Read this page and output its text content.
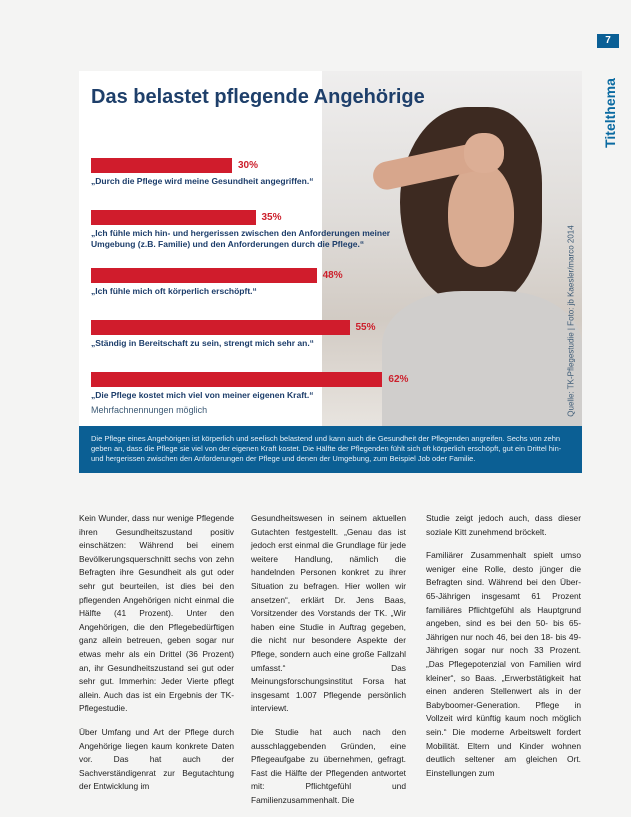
7
Titelthema
Quelle: TK-Pflegestudie | Foto: jb Kaesler/marco 2014
Das belastet pflegende Angehörige
30%
„Durch die Pflege wird meine Gesundheit angegriffen.“
35%
„Ich fühle mich hin- und hergerissen zwischen den Anforderungen meiner Umgebung (z.B. Familie) und den Anforderungen durch die Pflege.“
48%
„Ich fühle mich oft körperlich erschöpft.“
55%
„Ständig in Bereitschaft zu sein, strengt mich sehr an.“
62%
„Die Pflege kostet mich viel von meiner eigenen Kraft.“
Mehrfachnennungen möglich
Die Pflege eines Angehörigen ist körperlich und seelisch belastend und kann auch die Gesundheit der Pflegenden angreifen. Sechs von zehn geben an, dass die Pflege sie viel von der eigenen Kraft kostet. Die Hälfte der Pflegenden fühlt sich oft körperlich erschöpft, gut ein Drittel hin- und hergerissen zwischen den Anforderungen der Pflege und denen der Umgebung, zum Beispiel Job oder Familie.

Kein Wunder, dass nur wenige Pflegende ihren Gesundheitszustand positiv einschätzen: Während bei einem Bevölkerungsquerschnitt sechs von zehn Befragten ihre Gesundheit als gut oder sehr gut beurteilen, ist dies bei den pflegenden Angehörigen nicht einmal die Hälfte (41 Prozent). Unter den Angehörigen, die den Pflegebedürftigen ganz allein betreuen, geben sogar nur etwas mehr als ein Drittel (36 Prozent) an, ihr Gesundheitszustand sei gut oder sehr gut. Immerhin: Jeder Vierte pflegt allein. Auch das ist ein Ergebnis der TK-Pflegestudie.

Über Umfang und Art der Pflege durch Angehörige liegen kaum konkrete Daten vor. Das hat auch der Sachverständigenrat zur Begutachtung der Entwicklung im

Gesundheitswesen in seinem aktuellen Gutachten festgestellt. „Genau das ist jedoch erst einmal die Grundlage für jede weitere Handlung, nämlich die handelnden Personen konkret zu ihrer Situation zu befragen. Hier wollen wir ansetzen“, erklärt Dr. Jens Baas, Vorsitzender des Vorstands der TK. „Wir haben eine Studie in Auftrag gegeben, die nicht nur besondere Aspekte der Pflege, sondern auch eine große Fallzahl umfasst.“ Das Meinungsforschungsinstitut Forsa hat insgesamt 1.007 Pflegende persönlich interviewt.

Die Studie hat auch nach den ausschlaggebenden Gründen, eine Pflegeaufgabe zu übernehmen, gefragt. Fast die Hälfte der Pflegenden antwortet mit: Pflichtgefühl und Familienzusammenhalt. Die

Studie zeigt jedoch auch, dass dieser soziale Kitt zunehmend bröckelt.

Familiärer Zusammenhalt spielt umso weniger eine Rolle, desto jünger die Befragten sind. Während bei den Über-65-Jährigen insgesamt 61 Prozent familiäres Pflichtgefühl als Hauptgrund angeben, sind es bei den 50- bis 65-Jährigen nur noch 46, bei den 18- bis 49-Jährigen sogar nur noch 33 Prozent. „Das Pflegepotenzial von Familien wird kleiner“, so Baas. „Erwerbstätigkeit hat einen anderen Stellenwert als in der Babyboomer-Generation. Pflege in Vollzeit wird künftig kaum noch möglich sein.“ Die moderne Arbeitswelt fordert Mobilität. Eltern und Kinder wohnen deutlich seltener am gleichen Ort. Einstellungen zum
